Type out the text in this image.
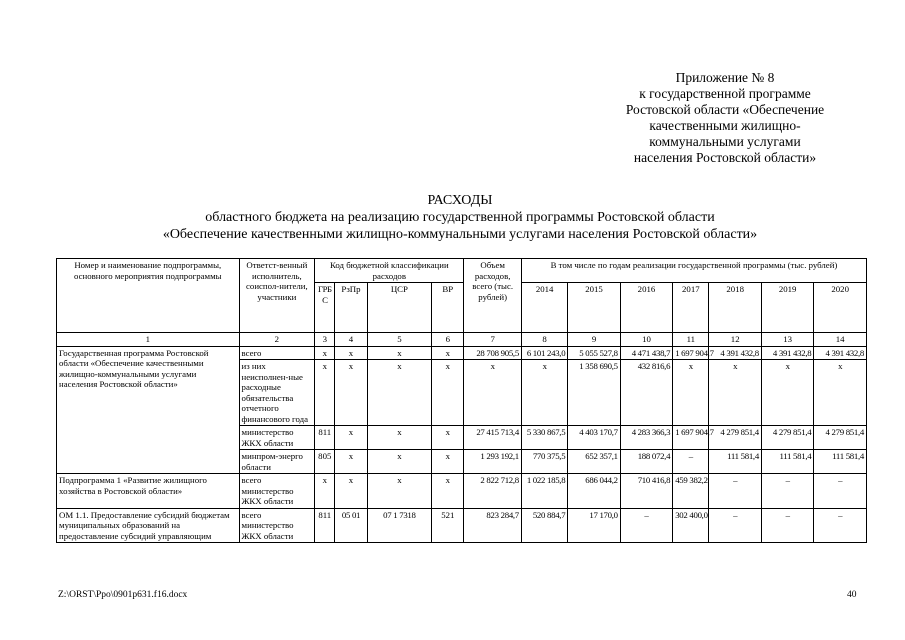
Приложение № 8
к государственной программе
Ростовской области «Обеспечение
качественными жилищно-
коммунальными услугами
населения Ростовской области»
РАСХОДЫ
областного бюджета на реализацию государственной программы Ростовской области
«Обеспечение качественными жилищно-коммунальными услугами населения Ростовской области»
Номер и наименование подпрограммы, основного мероприятия подпрограммы	Ответст-венный исполнитель, соиспол-нители, участники	Код бюджетной классификации расходов				Объем расходов, всего (тыс. рублей)	В том числе по годам реализации государственной программы (тыс. рублей)						
		ГРБС	РзПр	ЦСР	ВР		2014	2015	2016	2017	2018	2019	2020
1	2	3	4	5	6	7	8	9	10	11	12	13	14
Государственная программа Ростовской области «Обеспечение качественными жилищно-коммунальными услугами населения Ростовской области»	всего	х	х	х	х	28 708 905,5	6 101 243,0	5 055 527,8	4 471 438,7	1 697 904,7	4 391 432,8	4 391 432,8	4 391 432,8
	из них неисполнен-ные расходные обязательства отчетного финансового года	х	х	х	х	х	х	1 358 690,5	432 816,6	х	х	х	х
	министерство ЖКХ области	811	х	х	х	27 415 713,4	5 330 867,5	4 403 170,7	4 283 366,3	1 697 904,7	4 279 851,4	4 279 851,4	4 279 851,4
	минпром-энерго области	805	х	х	х	1 293 192,1	770 375,5	652 357,1	188 072,4	–	111 581,4	111 581,4	111 581,4
Подпрограмма 1 «Развитие жилищного хозяйства в Ростовской области»	всего министерство ЖКХ области	х	х	х	х	2 822 712,8	1 022 185,8	686 044,2	710 416,8	459 382,2	–	–	–
ОМ 1.1. Предоставление субсидий бюджетам муниципальных образований на предоставление субсидий управляющим	всего министерство ЖКХ области	811	05 01	07 1 7318	521	823 284,7	520 884,7	17 170,0	–	302 400,0	–	–	–
Z:\ORST\Ppo\0901p631.f16.docx	40
